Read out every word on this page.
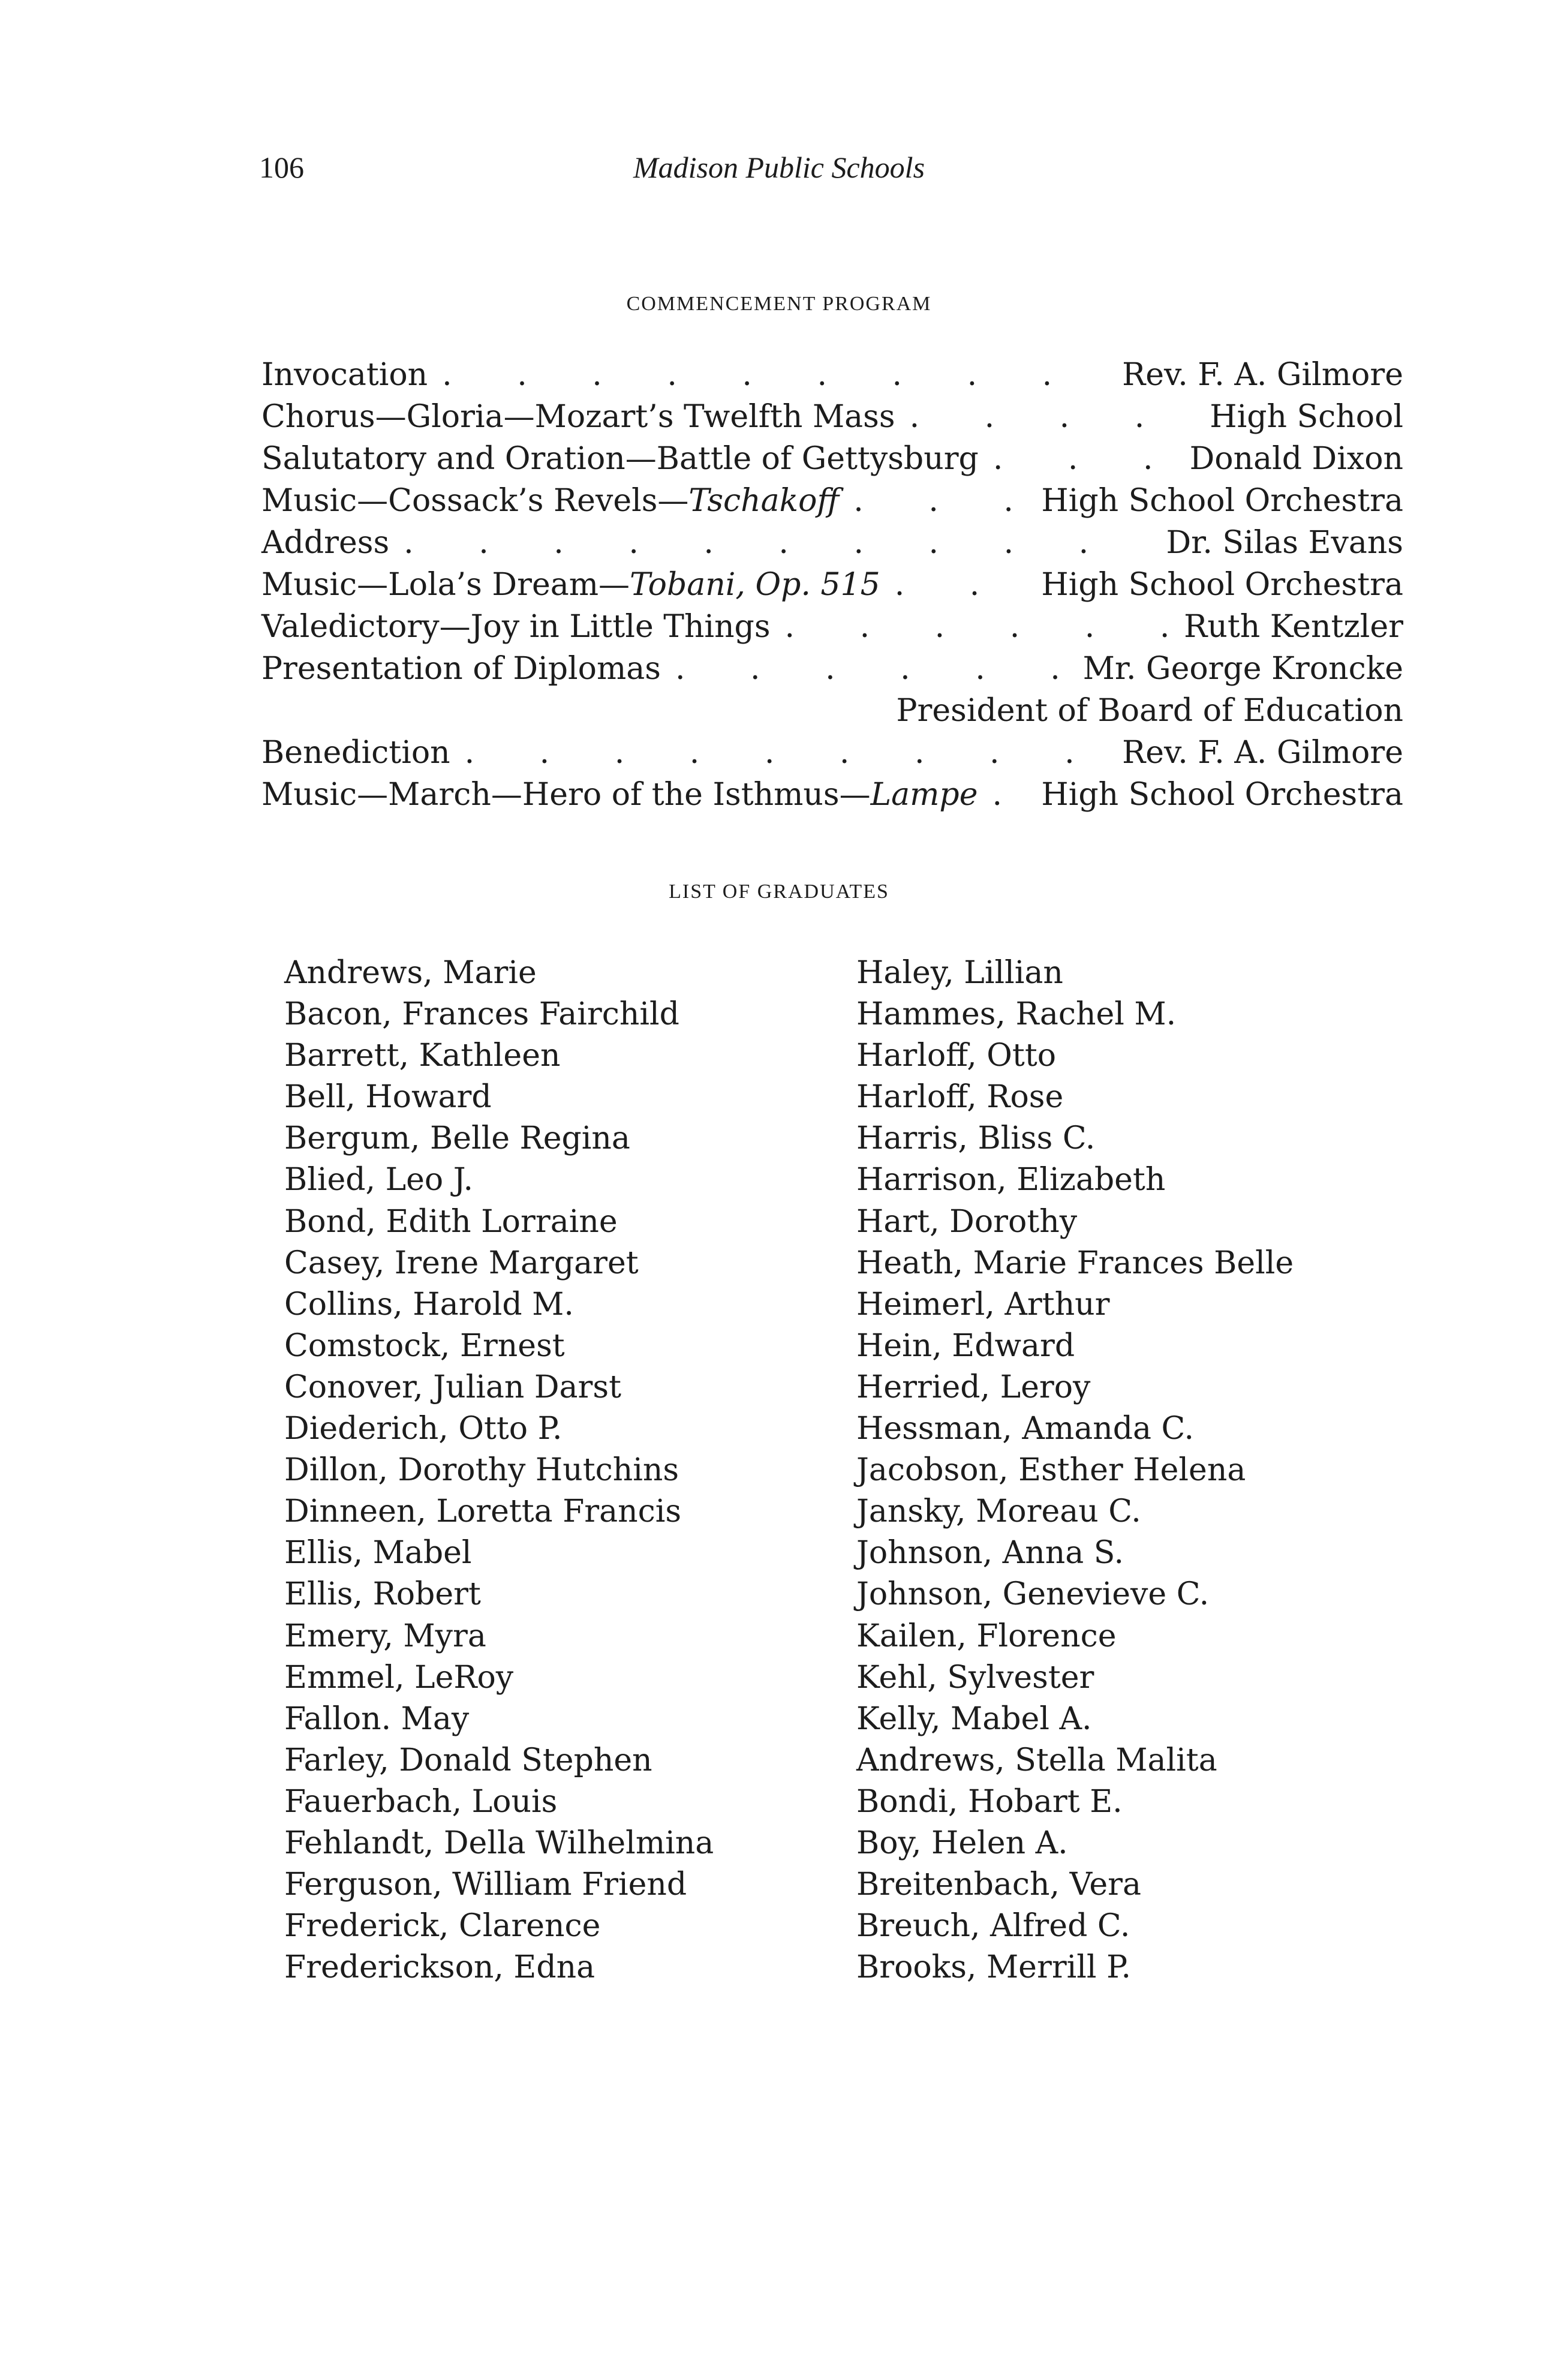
106	Madison Public Schools
COMMENCEMENT PROGRAM
Invocation . . .	Rev. F. A. Gilmore
Chorus—Gloria—Mozart’s Twelfth Mass . . .	High School
Salutatory and Oration—Battle of Gettysburg . . .	Donald Dixon
Music—Cossack’s Revels—Tschakoff . . .	High School Orchestra
Address . . .	Dr. Silas Evans
Music—Lola’s Dream—Tobani, Op. 515 . . .	High School Orchestra
Valedictory—Joy in Little Things . . .	Ruth Kentzler
Presentation of Diplomas . . .	Mr. George Kroncke
President of Board of Education
Benediction . . .	Rev. F. A. Gilmore
Music—March—Hero of the Isthmus—Lampe . . . High School Orchestra
LIST OF GRADUATES
Andrews, Marie
Bacon, Frances Fairchild
Barrett, Kathleen
Bell, Howard
Bergum, Belle Regina
Blied, Leo J.
Bond, Edith Lorraine
Casey, Irene Margaret
Collins, Harold M.
Comstock, Ernest
Conover, Julian Darst
Diederich, Otto P.
Dillon, Dorothy Hutchins
Dinneen, Loretta Francis
Ellis, Mabel
Ellis, Robert
Emery, Myra
Emmel, LeRoy
Fallon. May
Farley, Donald Stephen
Fauerbach, Louis
Fehlandt, Della Wilhelmina
Ferguson, William Friend
Frederick, Clarence
Frederickson, Edna
Haley, Lillian
Hammes, Rachel M.
Harloff, Otto
Harloff, Rose
Harris, Bliss C.
Harrison, Elizabeth
Hart, Dorothy
Heath, Marie Frances Belle
Heimerl, Arthur
Hein, Edward
Herried, Leroy
Hessman, Amanda C.
Jacobson, Esther Helena
Jansky, Moreau C.
Johnson, Anna S.
Johnson, Genevieve C.
Kailen, Florence
Kehl, Sylvester
Kelly, Mabel A.
Andrews, Stella Malita
Bondi, Hobart E.
Boy, Helen A.
Breitenbach, Vera
Breuch, Alfred C.
Brooks, Merrill P.
